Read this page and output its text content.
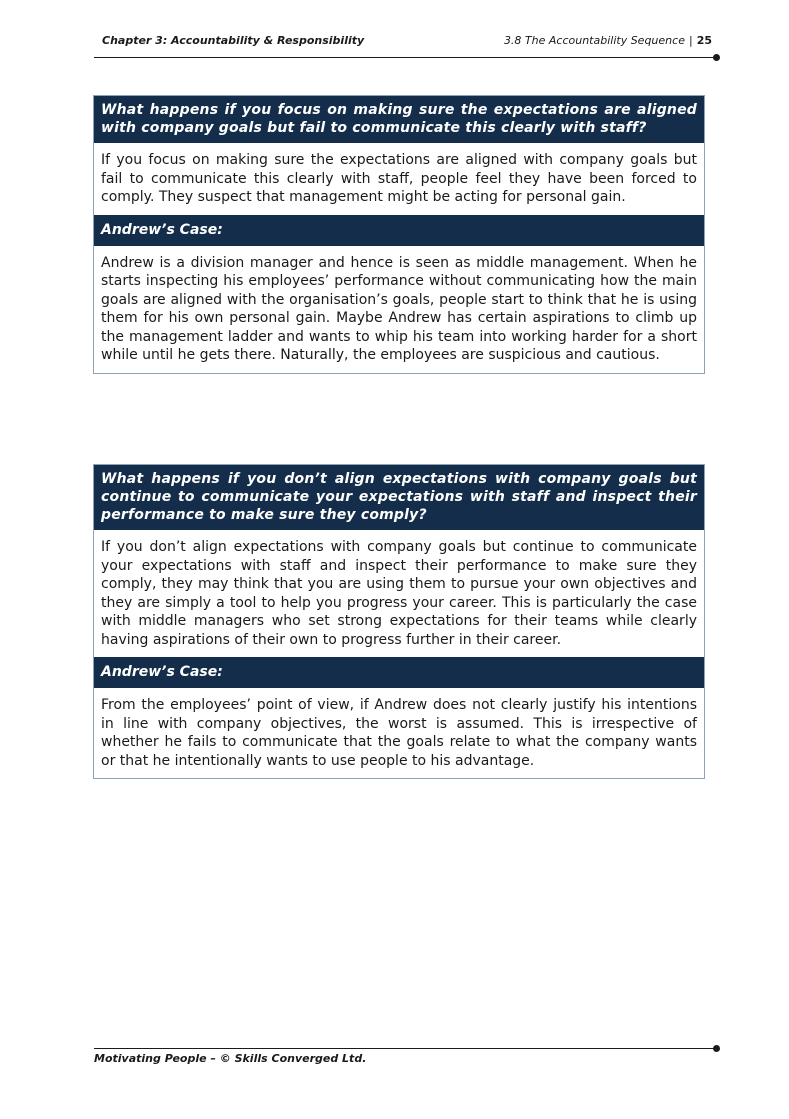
Chapter 3: Accountability & Responsibility	3.8 The Accountability Sequence | 25
What happens if you focus on making sure the expectations are aligned with company goals but fail to communicate this clearly with staff?
If you focus on making sure the expectations are aligned with company goals but fail to communicate this clearly with staff, people feel they have been forced to comply. They suspect that management might be acting for personal gain.
Andrew’s Case:
Andrew is a division manager and hence is seen as middle management. When he starts inspecting his employees’ performance without communicating how the main goals are aligned with the organisation’s goals, people start to think that he is using them for his own personal gain. Maybe Andrew has certain aspirations to climb up the management ladder and wants to whip his team into working harder for a short while until he gets there. Naturally, the employees are suspicious and cautious.
What happens if you don’t align expectations with company goals but continue to communicate your expectations with staff and inspect their performance to make sure they comply?
If you don’t align expectations with company goals but continue to communicate your expectations with staff and inspect their performance to make sure they comply, they may think that you are using them to pursue your own objectives and they are simply a tool to help you progress your career. This is particularly the case with middle managers who set strong expectations for their teams while clearly having aspirations of their own to progress further in their career.
Andrew’s Case:
From the employees’ point of view, if Andrew does not clearly justify his intentions in line with company objectives, the worst is assumed. This is irrespective of whether he fails to communicate that the goals relate to what the company wants or that he intentionally wants to use people to his advantage.
Motivating People – © Skills Converged Ltd.
